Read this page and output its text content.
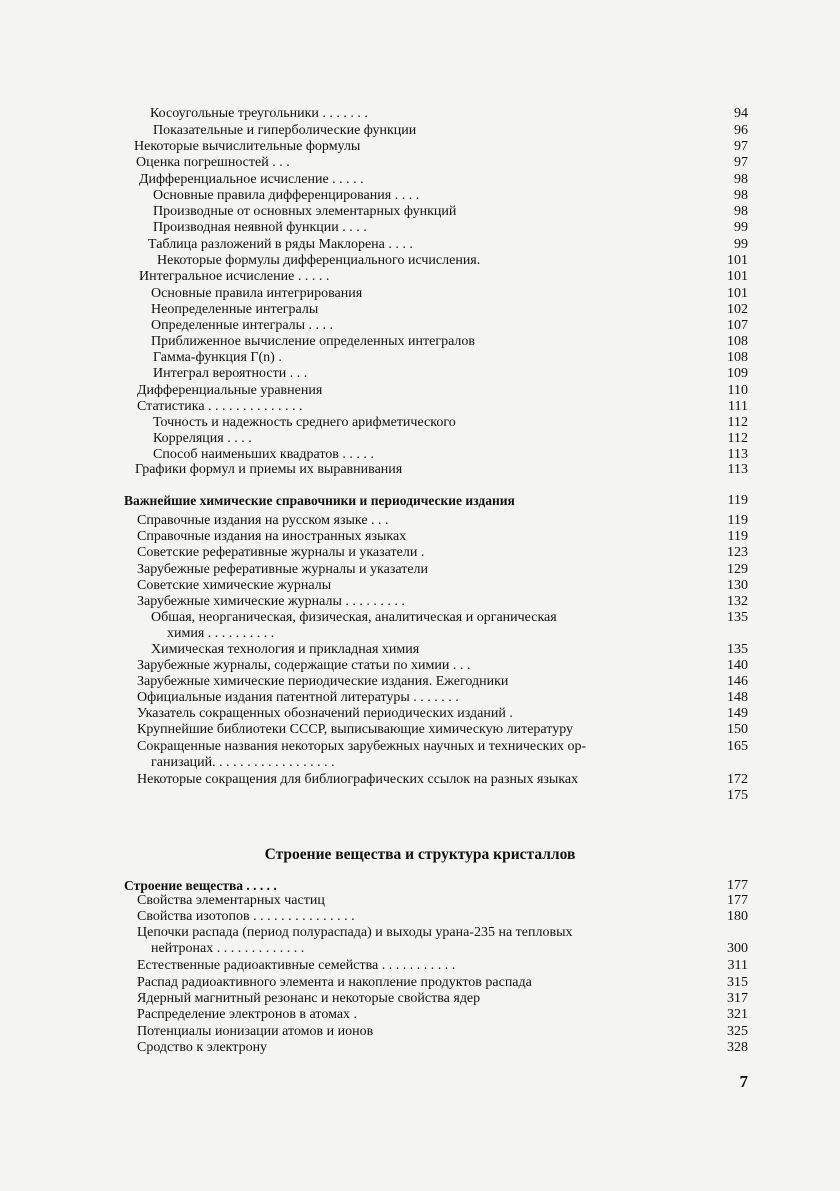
Косоугольные треугольники . . . . . . .	94
Показательные и гиперболические функции	96
Некоторые вычислительные формулы	97
Оценка погрешностей . . .	97
Дифференциальное исчисление . . . . .	98
Основные правила дифференцирования . . . .	98
Производные от основных элементарных функций	98
Производная неявной функции . . . .	99
Таблица разложений в ряды Маклорена . . . .	99
Некоторые формулы дифференциального исчисления.	101
Интегральное исчисление . . . . .	101
Основные правила интегрирования	101
Неопределенные интегралы	102
Определенные интегралы . . . .	107
Приближенное вычисление определенных интегралов	108
Гамма-функция Г(n) .	108
Интеграл вероятности . . .	109
Дифференциальные уравнения	110
Статистика . . . . . . . . . . . . . .	111
Точность и надежность среднего арифметического	112
Корреляция . . . .	112
Способ наименьших квадратов . . . . .	113
Графики формул и приемы их выравнивания	113
Важнейшие химические справочники и периодические издания	119
Справочные издания на русском языке . . .	119
Справочные издания на иностранных языках	119
Советские реферативные журналы и указатели .	123
Зарубежные реферативные журналы и указатели	129
Советские химические журналы	130
Зарубежные химические журналы . . . . . . . . .	132
Обшая, неорганическая, физическая, аналитическая и органическая	135
химия . . . . . . . . . .
Химическая технология и прикладная химия	135
Зарубежные журналы, содержащие статьи по химии . . .	140
Зарубежные химические периодические издания. Ежегодники	146
Официальные издания патентной литературы . . . . . . .	148
Указатель сокращенных обозначений периодических изданий .	149
Крупнейшие библиотеки СССР, выписывающие химическую литературу	150
Сокращенные названия некоторых зарубежных научных и технических ор-	165
ганизаций. . . . . . . . . . . . . . . . . .
Некоторые сокращения для библиографических ссылок на разных языках	172
175
Строение вещества . . . . .	177
Свойства элементарных частиц	177
Свойства изотопов . . . . . . . . . . . . . . .	180
Цепочки распада (период полураспада) и выходы урана-235 на тепловых
нейтронах . . . . . . . . . . . . .	300
Естественные радиоактивные семейства . . . . . . . . . . .	311
Распад радиоактивного элемента и накопление продуктов распада	315
Ядерный магнитный резонанс и некоторые свойства ядер	317
Распределение электронов в атомах .	321
Потенциалы ионизации атомов и ионов	325
Сродство к электрону	328
Строение вещества и структура кристаллов
7
